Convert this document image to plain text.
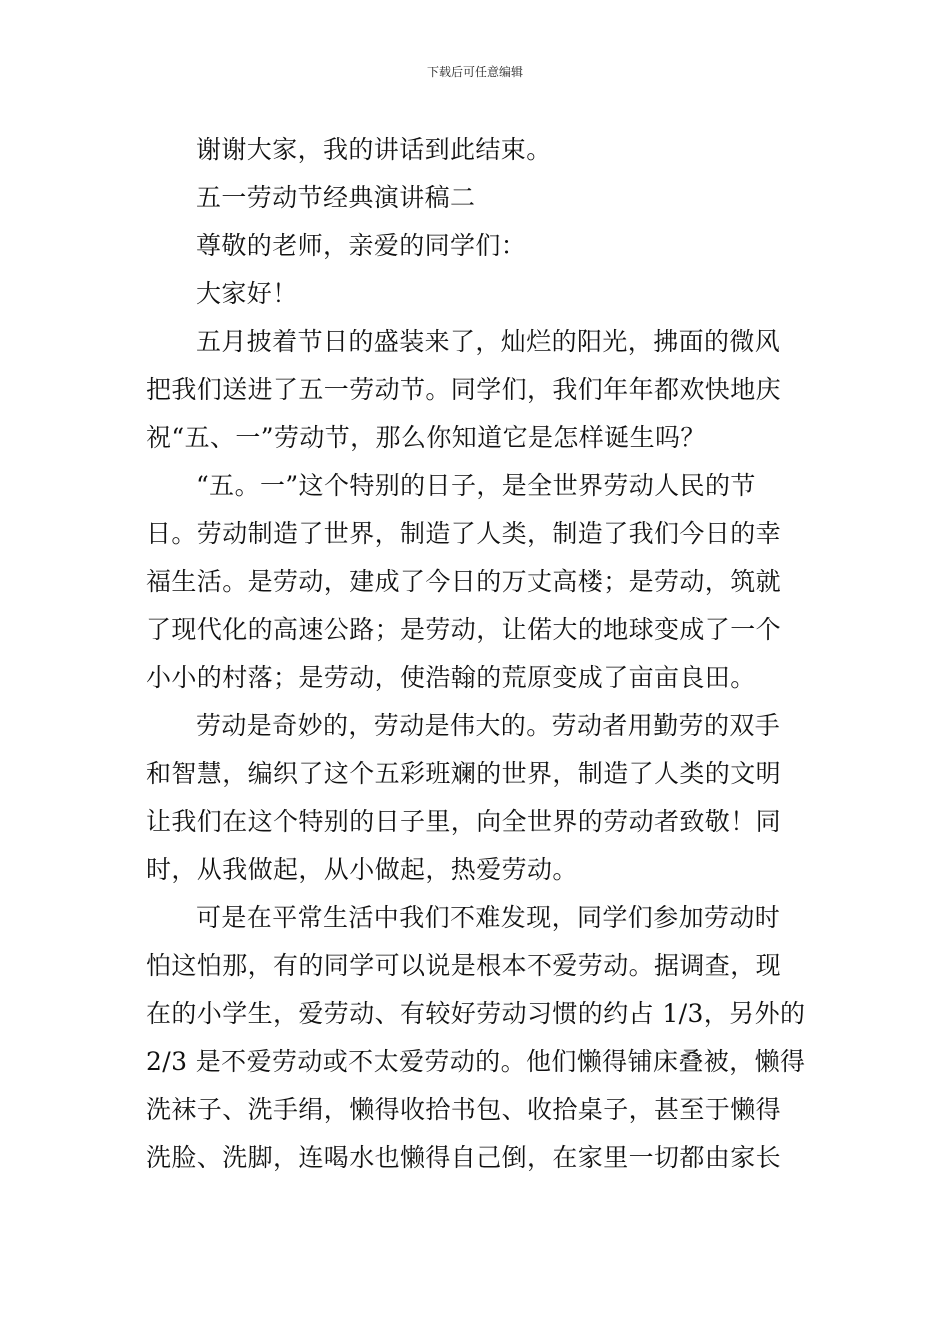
下载后可任意编辑
谢谢大家，我的讲话到此结束。
五一劳动节经典演讲稿二
尊敬的老师，亲爱的同学们：
大家好！
五月披着节日的盛装来了，灿烂的阳光，拂面的微风
把我们送进了五一劳动节。同学们，我们年年都欢快地庆
祝“五、一”劳动节，那么你知道它是怎样诞生吗？
“五。一”这个特别的日子，是全世界劳动人民的节
日。劳动制造了世界，制造了人类，制造了我们今日的幸
福生活。是劳动，建成了今日的万丈高楼；是劳动，筑就
了现代化的高速公路；是劳动，让偌大的地球变成了一个
小小的村落；是劳动，使浩翰的荒原变成了亩亩良田。
劳动是奇妙的，劳动是伟大的。劳动者用勤劳的双手
和智慧，编织了这个五彩班斓的世界，制造了人类的文明
让我们在这个特别的日子里，向全世界的劳动者致敬！同
时，从我做起，从小做起，热爱劳动。
可是在平常生活中我们不难发现，同学们参加劳动时
怕这怕那，有的同学可以说是根本不爱劳动。据调查，现
在的小学生，爱劳动、有较好劳动习惯的约占 1/3，另外的
2/3 是不爱劳动或不太爱劳动的。他们懒得铺床叠被，懒得
洗袜子、洗手绢，懒得收拾书包、收拾桌子，甚至于懒得
洗脸、洗脚，连喝水也懒得自己倒，在家里一切都由家长
